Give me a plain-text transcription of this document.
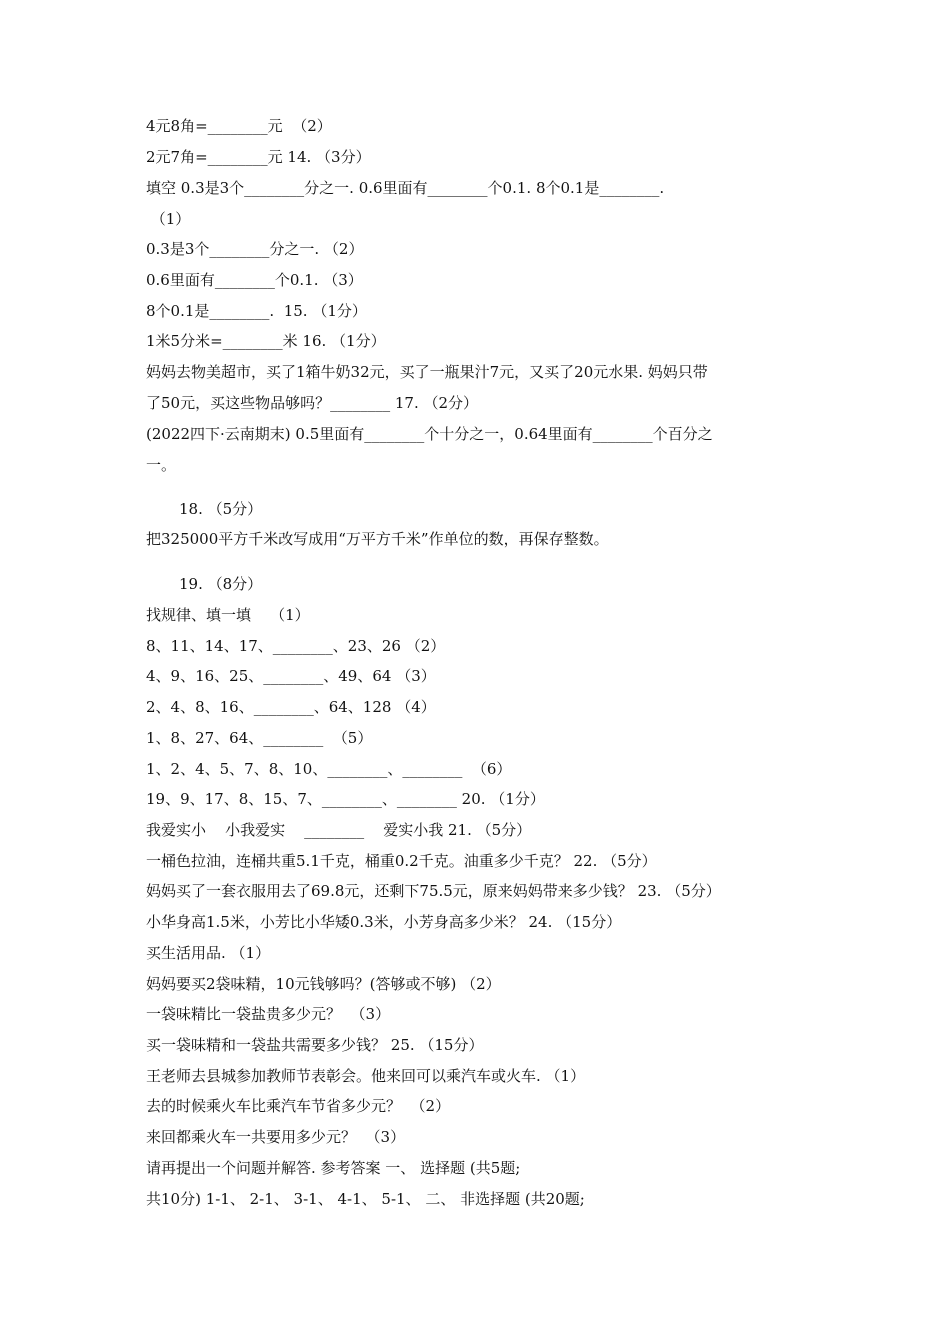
4元8角=________元  （2）
2元7角=________元 14. （3分）
填空 0.3是3个________分之一. 0.6里面有________个0.1. 8个0.1是________.
（1）
0.3是3个________分之一. （2）
0.6里面有________个0.1. （3）
8个0.1是________.  15. （1分）
1米5分米=________米 16. （1分）
妈妈去物美超市，买了1箱牛奶32元，买了一瓶果汁7元，又买了20元水果. 妈妈只带
了50元，买这些物品够吗？________ 17. （2分）
(2022四下·云南期末) 0.5里面有________个十分之一，0.64里面有________个百分之
一。
18. （5分）
把325000平方千米改写成用“万平方千米”作单位的数，再保存整数。
19. （8分）
找规律、填一填    （1）
8、11、14、17、________、23、26 （2）
4、9、16、25、________、49、64 （3）
2、4、8、16、________、64、128 （4）
1、8、27、64、________  （5）
1、2、4、5、7、8、10、________、________  （6）
19、9、17、8、15、7、________、________ 20. （1分）
我爱实小    小我爱实    ________    爱实小我 21. （5分）
一桶色拉油，连桶共重5.1千克，桶重0.2千克。油重多少千克？ 22. （5分）
妈妈买了一套衣服用去了69.8元，还剩下75.5元，原来妈妈带来多少钱？ 23. （5分）
小华身高1.5米，小芳比小华矮0.3米，小芳身高多少米？ 24. （15分）
买生活用品. （1）
妈妈要买2袋味精，10元钱够吗？(答够或不够) （2）
一袋味精比一袋盐贵多少元？  （3）
买一袋味精和一袋盐共需要多少钱？ 25. （15分）
王老师去县城参加教师节表彰会。他来回可以乘汽车或火车. （1）
去的时候乘火车比乘汽车节省多少元？  （2）
来回都乘火车一共要用多少元？  （3）
请再提出一个问题并解答. 参考答案 一、 选择题 (共5题;
共10分) 1-1、 2-1、 3-1、 4-1、 5-1、 二、 非选择题 (共20题;
